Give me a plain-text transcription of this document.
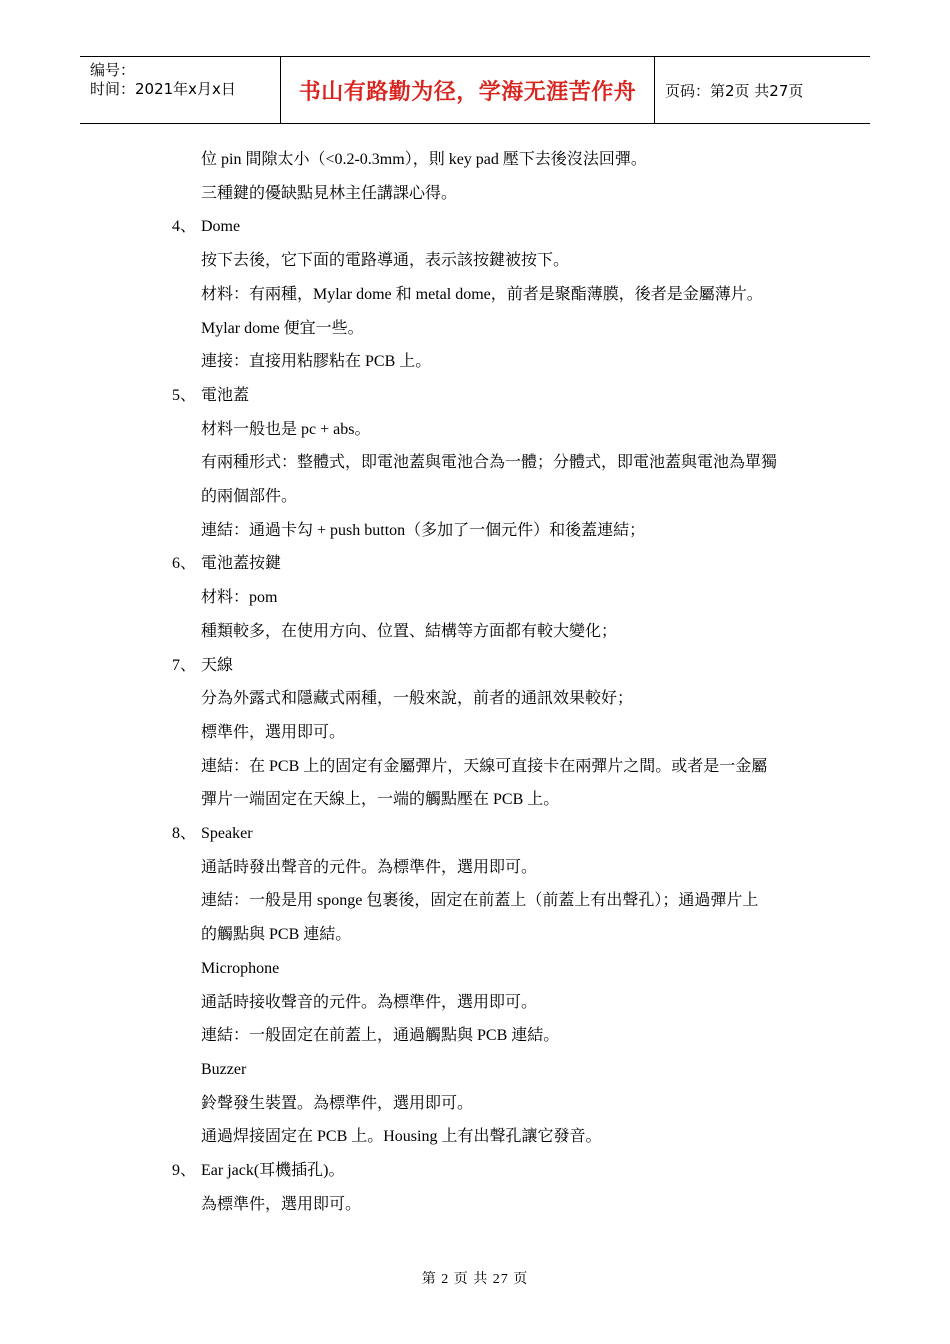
编号：
时间：2021年x月x日	书山有路勤为径，学海无涯苦作舟	页码：第2页 共27页
位 pin 間隙太小（<0.2-0.3mm），則 key pad 壓下去後沒法回彈。
三種鍵的優缺點見林主任講課心得。
4、 Dome
按下去後，它下面的電路導通，表示該按鍵被按下。
材料：有兩種，Mylar dome 和 metal dome，前者是聚酯薄膜，後者是金屬薄片。
Mylar dome 便宜一些。
連接：直接用粘膠粘在 PCB 上。
5、 電池蓋
材料一般也是 pc + abs。
有兩種形式：整體式，即電池蓋與電池合為一體；分體式，即電池蓋與電池為單獨
的兩個部件。
連結：通過卡勾 + push button（多加了一個元件）和後蓋連結；
6、 電池蓋按鍵
材料：pom
種類較多，在使用方向、位置、結構等方面都有較大變化；
7、 天線
分為外露式和隱藏式兩種，一般來說，前者的通訊效果較好；
標準件，選用即可。
連結：在 PCB 上的固定有金屬彈片，天線可直接卡在兩彈片之間。或者是一金屬
彈片一端固定在天線上，一端的觸點壓在 PCB 上。
8、 Speaker
通話時發出聲音的元件。為標準件，選用即可。
連結：一般是用 sponge 包裹後，固定在前蓋上（前蓋上有出聲孔）；通過彈片上
的觸點與 PCB 連結。
Microphone
通話時接收聲音的元件。為標準件，選用即可。
連結：一般固定在前蓋上，通過觸點與 PCB 連結。
Buzzer
鈴聲發生裝置。為標準件，選用即可。
通過焊接固定在 PCB 上。Housing 上有出聲孔讓它發音。
9、 Ear jack(耳機插孔)。
為標準件，選用即可。
第 2 页 共 27 页
